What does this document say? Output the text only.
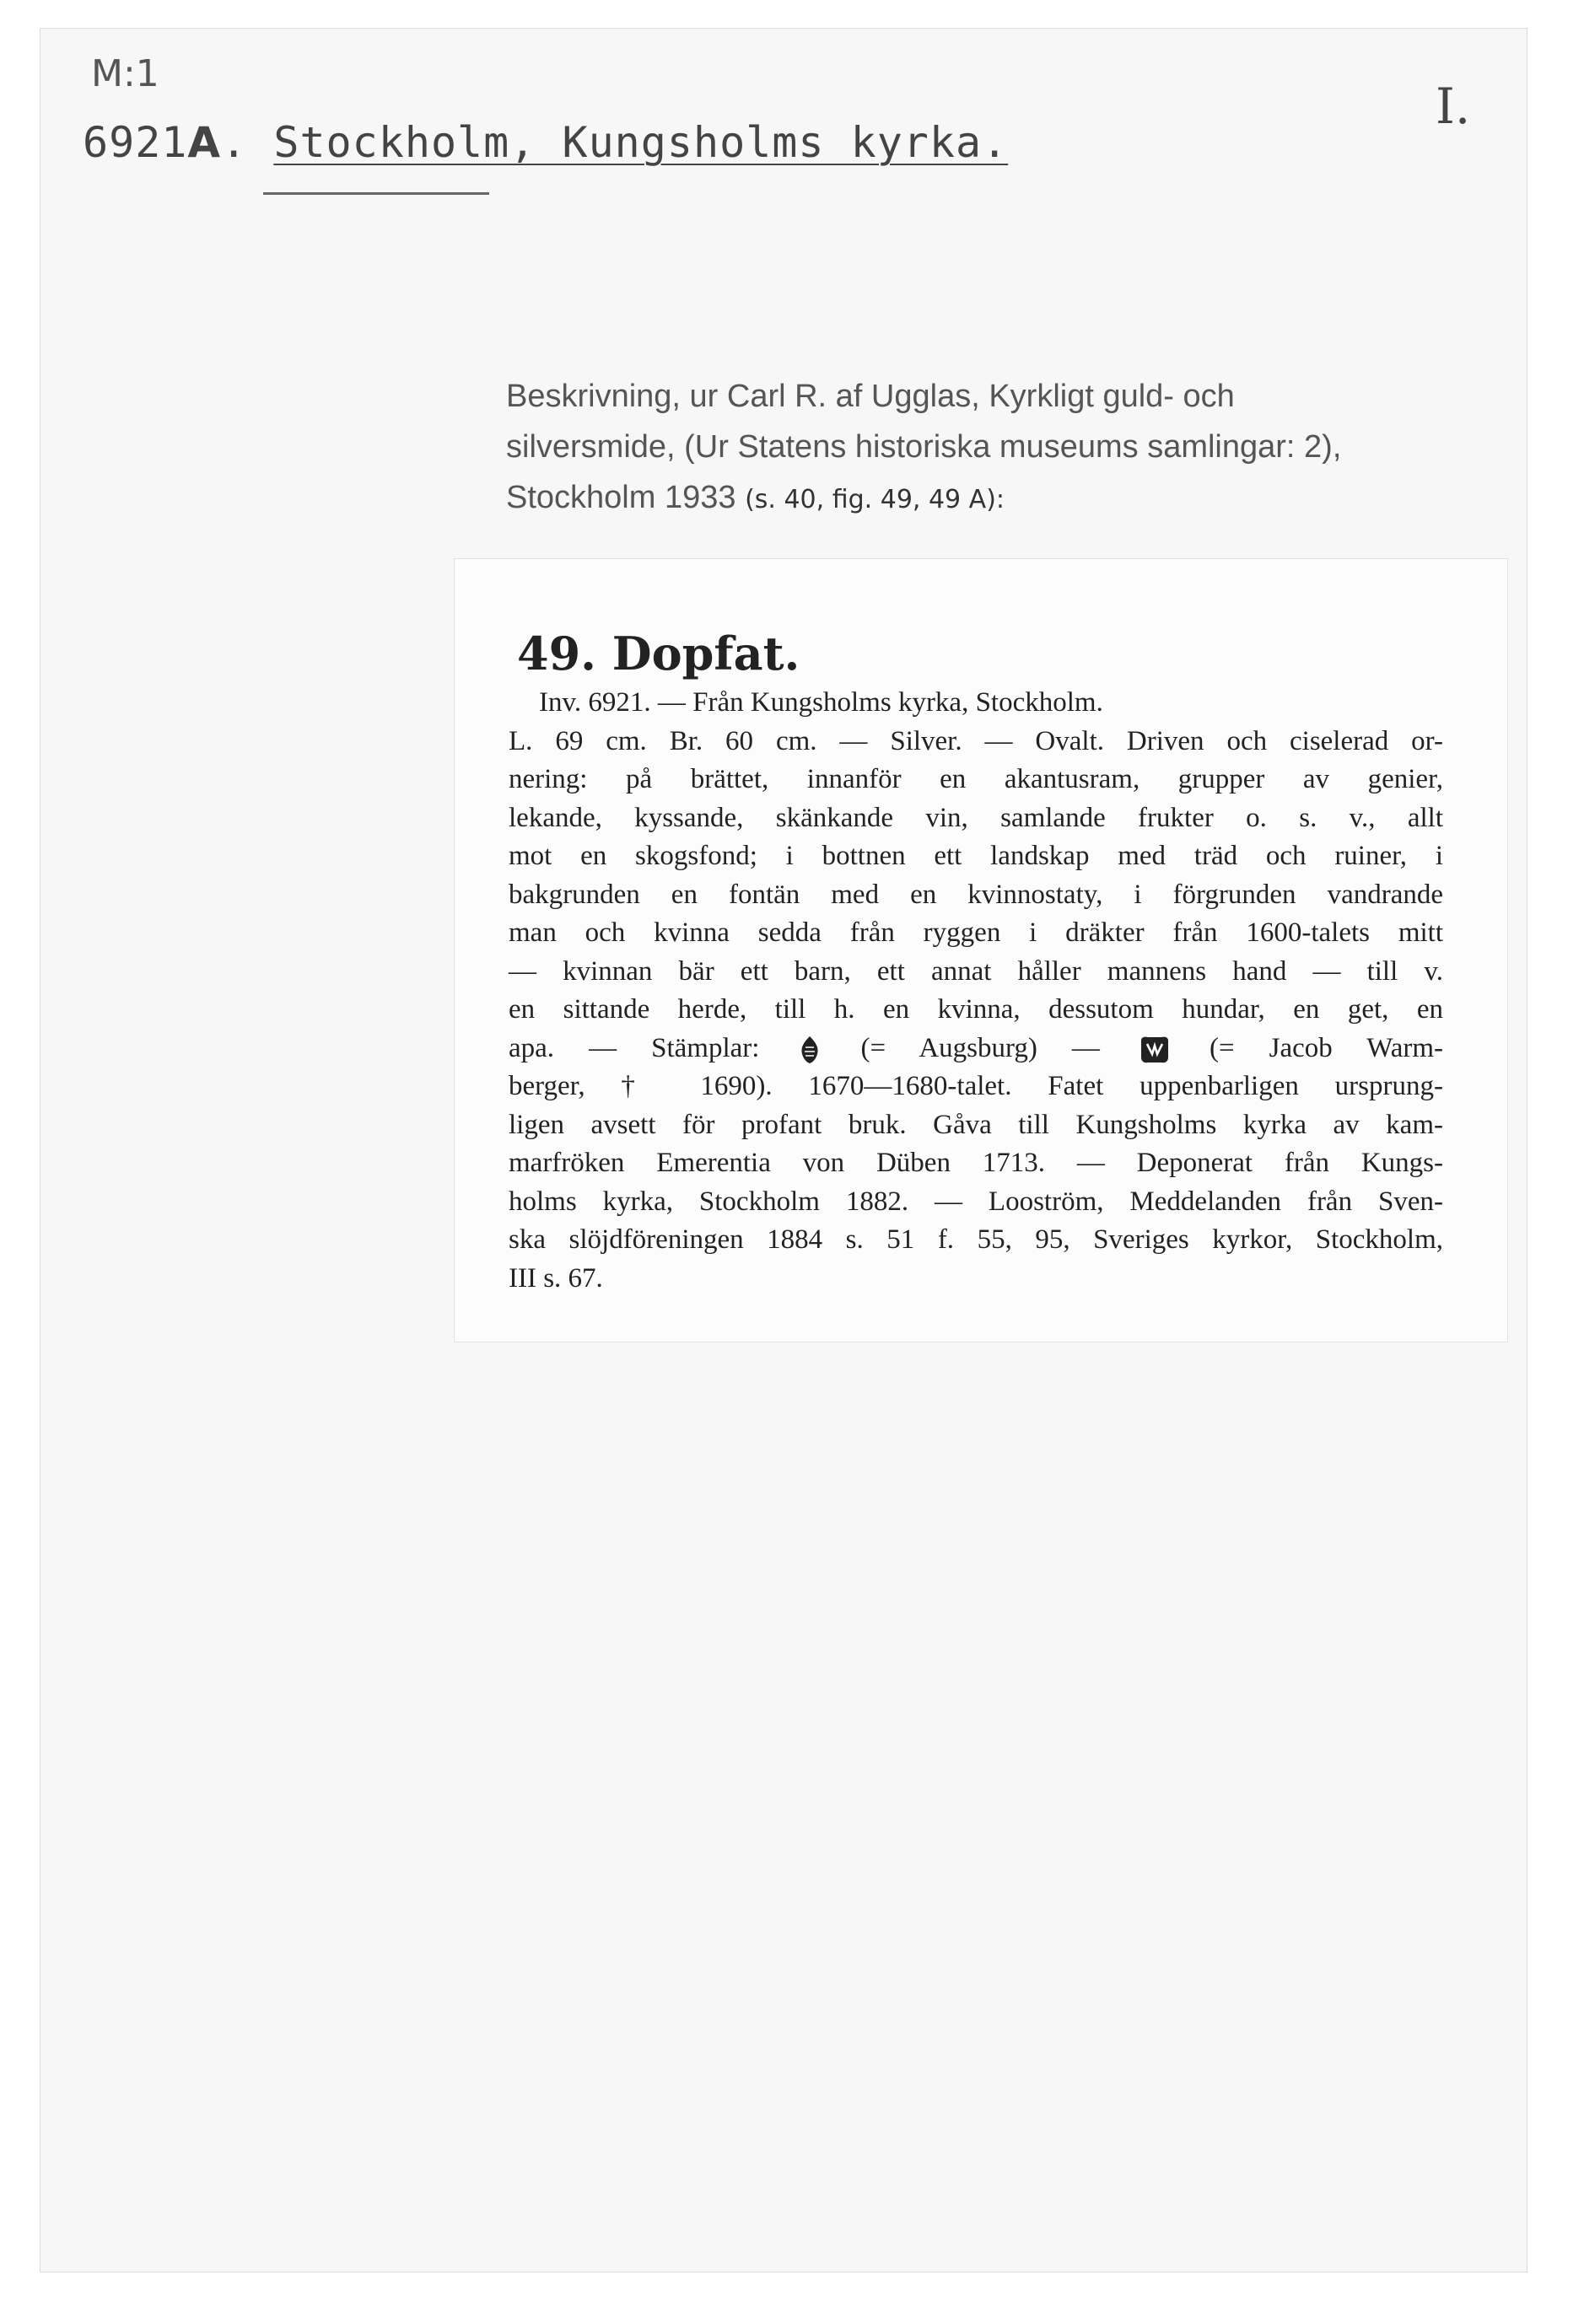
M:1
6921A. Stockholm, Kungsholms kyrka.
I.
Beskrivning, ur Carl R. af Ugglas, Kyrkligt guld- och
silversmide, (Ur Statens historiska museums samlingar: 2),
Stockholm 1933 (s. 40, fig. 49, 49 A):
49. Dopfat.
Inv. 6921. — Från Kungsholms kyrka, Stockholm.
L. 69 cm. Br. 60 cm. — Silver. — Ovalt. Driven och ciselerad or-
nering: på brättet, innanför en akantusram, grupper av genier,
lekande, kyssande, skänkande vin, samlande frukter o. s. v., allt
mot en skogsfond; i bottnen ett landskap med träd och ruiner, i
bakgrunden en fontän med en kvinnostaty, i förgrunden vandrande
man och kvinna sedda från ryggen i dräkter från 1600-talets mitt
— kvinnan bär ett barn, ett annat håller mannens hand — till v.
en sittande herde, till h. en kvinna, dessutom hundar, en get, en
apa. — Stämplar:	(= Augsburg) —	(= Jacob Warm-
berger, † 1690). 1670—1680-talet. Fatet uppenbarligen ursprung-
ligen avsett för profant bruk. Gåva till Kungsholms kyrka av kam-
marfröken Emerentia von Düben 1713. — Deponerat från Kungs-
holms kyrka, Stockholm 1882. — Looström, Meddelanden från Sven-
ska slöjdföreningen 1884 s. 51 f. 55, 95, Sveriges kyrkor, Stockholm,
III s. 67.
